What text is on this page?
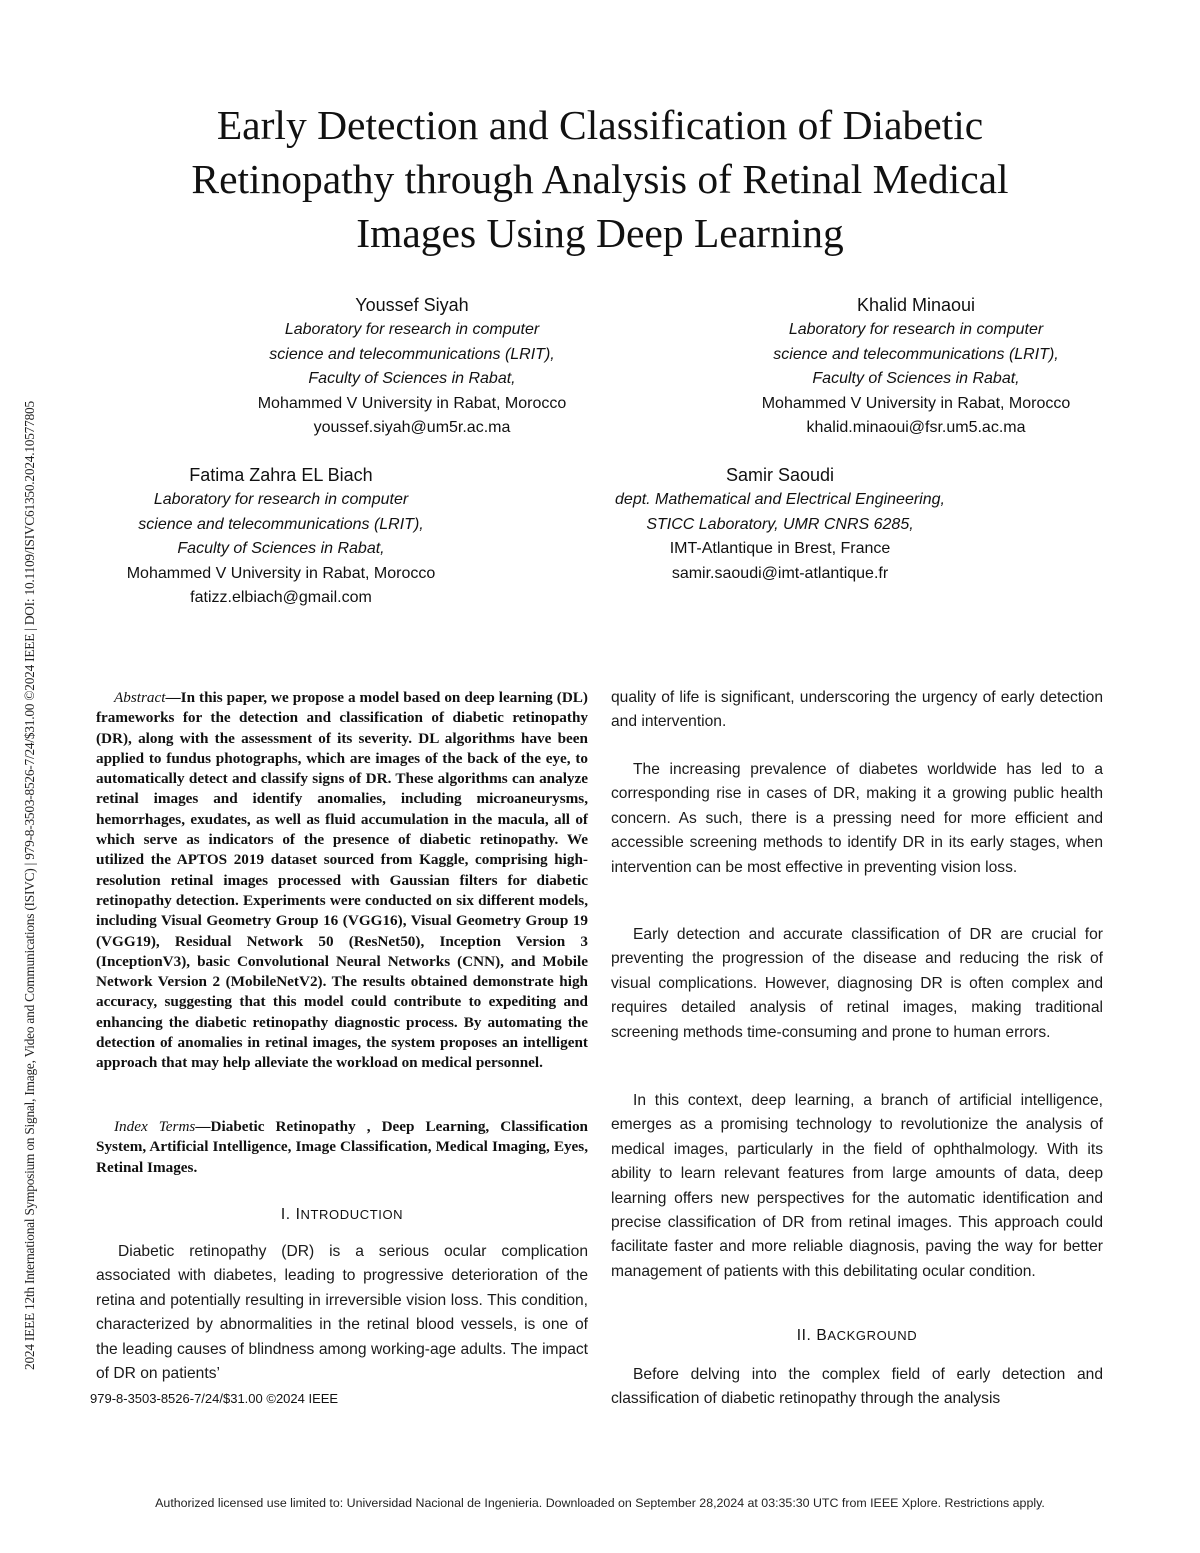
2024 IEEE 12th International Symposium on Signal, Image, Video and Communications (ISIVC) | 979-8-3503-8526-7/24/$31.00 ©2024 IEEE | DOI: 10.1109/ISIVC61350.2024.10577805
Early Detection and Classification of Diabetic
Retinopathy through Analysis of Retinal Medical
Images Using Deep Learning
Youssef Siyah
Laboratory for research in computer
science and telecommunications (LRIT),
Faculty of Sciences in Rabat,
Mohammed V University in Rabat, Morocco
youssef.siyah@um5r.ac.ma
Khalid Minaoui
Laboratory for research in computer
science and telecommunications (LRIT),
Faculty of Sciences in Rabat,
Mohammed V University in Rabat, Morocco
khalid.minaoui@fsr.um5.ac.ma
Fatima Zahra EL Biach
Laboratory for research in computer
science and telecommunications (LRIT),
Faculty of Sciences in Rabat,
Mohammed V University in Rabat, Morocco
fatizz.elbiach@gmail.com
Samir Saoudi
dept. Mathematical and Electrical Engineering,
STICC Laboratory, UMR CNRS 6285,
IMT-Atlantique in Brest, France
samir.saoudi@imt-atlantique.fr
Abstract—In this paper, we propose a model based on deep learning (DL) frameworks for the detection and classification of diabetic retinopathy (DR), along with the assessment of its severity. DL algorithms have been applied to fundus photographs, which are images of the back of the eye, to automatically detect and classify signs of DR. These algorithms can analyze retinal images and identify anomalies, including microaneurysms, hemorrhages, exudates, as well as fluid accumulation in the macula, all of which serve as indicators of the presence of diabetic retinopathy. We utilized the APTOS 2019 dataset sourced from Kaggle, comprising high-resolution retinal images processed with Gaussian filters for diabetic retinopathy detection. Experiments were conducted on six different models, including Visual Geometry Group 16 (VGG16), Visual Geometry Group 19 (VGG19), Residual Network 50 (ResNet50), Inception Version 3 (InceptionV3), basic Convolutional Neural Networks (CNN), and Mobile Network Version 2 (MobileNetV2). The results obtained demonstrate high accuracy, suggesting that this model could contribute to expediting and enhancing the diabetic retinopathy diagnostic process. By automating the detection of anomalies in retinal images, the system proposes an intelligent approach that may help alleviate the workload on medical personnel.
Index Terms—Diabetic Retinopathy , Deep Learning, Classification System, Artificial Intelligence, Image Classification, Medical Imaging, Eyes, Retinal Images.
I. INTRODUCTION
Diabetic retinopathy (DR) is a serious ocular complication associated with diabetes, leading to progressive deterioration of the retina and potentially resulting in irreversible vision loss. This condition, characterized by abnormalities in the retinal blood vessels, is one of the leading causes of blindness among working-age adults. The impact of DR on patients’
979-8-3503-8526-7/24/$31.00 ©2024 IEEE
quality of life is significant, underscoring the urgency of early detection and intervention.
The increasing prevalence of diabetes worldwide has led to a corresponding rise in cases of DR, making it a growing public health concern. As such, there is a pressing need for more efficient and accessible screening methods to identify DR in its early stages, when intervention can be most effective in preventing vision loss.
Early detection and accurate classification of DR are crucial for preventing the progression of the disease and reducing the risk of visual complications. However, diagnosing DR is often complex and requires detailed analysis of retinal images, making traditional screening methods time-consuming and prone to human errors.
In this context, deep learning, a branch of artificial intelligence, emerges as a promising technology to revolutionize the analysis of medical images, particularly in the field of ophthalmology. With its ability to learn relevant features from large amounts of data, deep learning offers new perspectives for the automatic identification and precise classification of DR from retinal images. This approach could facilitate faster and more reliable diagnosis, paving the way for better management of patients with this debilitating ocular condition.
II. BACKGROUND
Before delving into the complex field of early detection and classification of diabetic retinopathy through the analysis
Authorized licensed use limited to: Universidad Nacional de Ingenieria. Downloaded on September 28,2024 at 03:35:30 UTC from IEEE Xplore. Restrictions apply.
